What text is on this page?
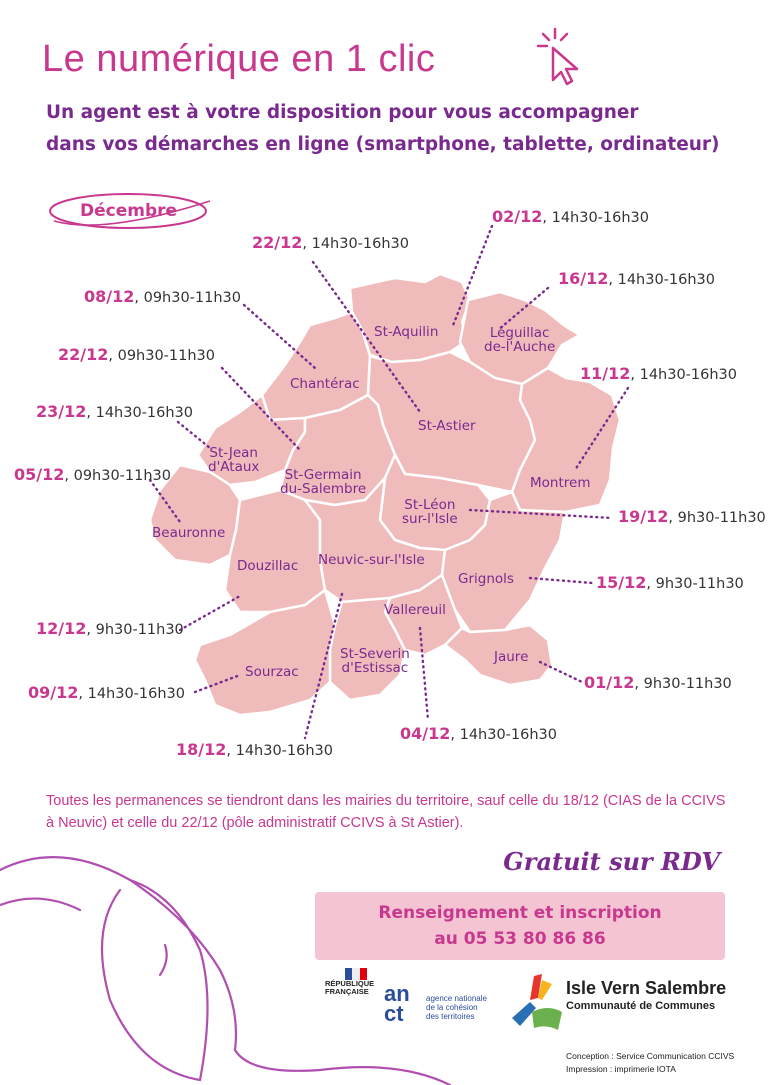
Le numérique en 1 clic
Un agent est à votre disposition pour vous accompagner
dans vos démarches en ligne (smartphone, tablette, ordinateur)
Décembre
St-Aquilin	Léguillac
de-l'Auche
Chantérac
St-Astier
St-Jean
d'Ataux	St-Germain
du-Salembre	Montrem
St-Léon
sur-l'Isle
Beauronne
Douzillac Neuvic-sur-l'Isle
Grignols
Vallereuil
St-Severin
d'Estissac
Jaure
Sourzac
02/12, 14h30-16h30
22/12, 14h30-16h30
16/12, 14h30-16h30
08/12, 09h30-11h30
22/12, 09h30-11h30
11/12, 14h30-16h30
23/12, 14h30-16h30
05/12, 09h30-11h30
19/12, 9h30-11h30
15/12, 9h30-11h30
12/12, 9h30-11h30
01/12, 9h30-11h30
09/12, 14h30-16h30
04/12, 14h30-16h30
18/12, 14h30-16h30
Toutes les permanences se tiendront dans les mairies du territoire, sauf celle du 18/12 (CIAS de la CCIVS à Neuvic) et celle du 22/12 (pôle administratif CCIVS à St Astier).
Gratuit sur RDV
Renseignement et inscription
au 05 53 80 86 86
RÉPUBLIQUE
FRANÇAISE an
ct
agence nationale
de la cohésion
des territoires
Isle Vern Salembre
Communauté de Communes
Conception : Service Communication CCIVS
Impression : imprimerie IOTA
